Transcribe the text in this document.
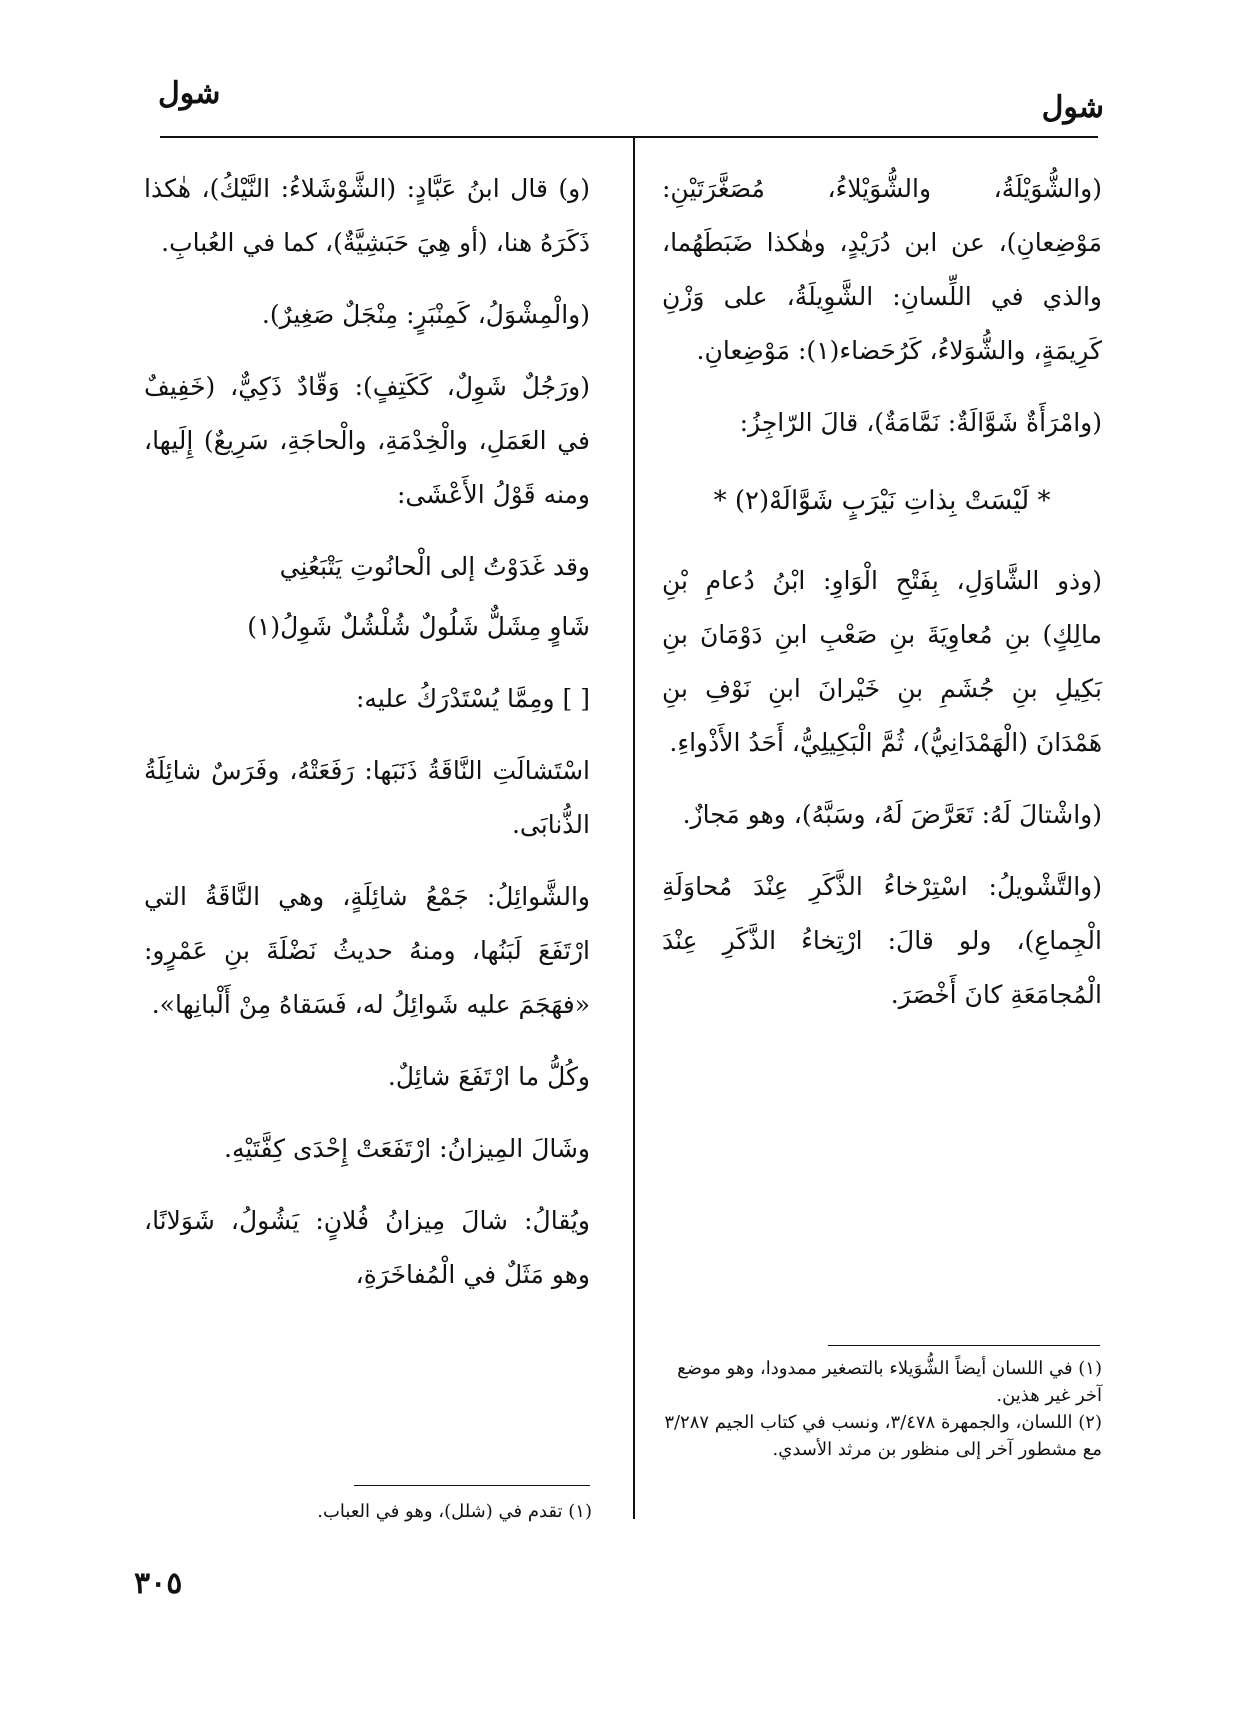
شول	شول

(والشُّوَيْلَةُ، والشُّوَيْلاءُ، مُصَغَّرَتَيْنِ: مَوْضِعانِ)، عن ابن دُرَيْدٍ، وهٰكذا ضَبَطَهُما، والذي في اللِّسانِ: الشَّوِيلَةُ، على وَزْنِ كَرِيمَةٍ، والشُّوَلاءُ، كَرُحَضاء(١): مَوْضِعانِ.

(وامْرَأَةٌ شَوَّالَةٌ: نَمَّامَةٌ)، قالَ الرّاجِزُ:

* لَيْسَتْ بِذاتِ نَيْرَبٍ شَوَّالَهْ(٢) *

(وذو الشَّاوَلِ، بِفَتْحِ الْوَاوِ: ابْنُ دُعامِ بْنِ مالِكٍ) بنِ مُعاوِيَةَ بنِ صَعْبِ ابنِ دَوْمَانَ بنِ بَكِيلِ بنِ جُشَمِ بنِ خَيْرانَ ابنِ نَوْفِ بنِ هَمْدَانَ (الْهَمْدَانِيُّ)، ثُمَّ الْبَكِيلِيُّ، أَحَدُ الأَذْواءِ.

(واشْتالَ لَهُ: تَعَرَّضَ لَهُ، وسَبَّهُ)، وهو مَجازٌ.

(والتَّشْويلُ: اسْتِرْخاءُ الذَّكَرِ عِنْدَ مُحاوَلَةِ الْجِماعِ)، ولو قالَ: ارْتِخاءُ الذَّكَرِ عِنْدَ الْمُجامَعَةِ كانَ أَخْصَرَ.

(و) قال ابنُ عَبَّادٍ: (الشَّوْشَلاءُ: النَّيْكُ)، هٰكذا ذَكَرَهُ هنا، (أو هِيَ حَبَشِيَّةٌ)، كما في العُبابِ.

(والْمِشْوَلُ، كَمِنْبَرٍ: مِنْجَلٌ صَغِيرٌ).

(ورَجُلٌ شَوِلٌ، كَكَتِفٍ): وَقّادٌ ذَكِيٌّ، (خَفِيفٌ في العَمَلِ، والْخِدْمَةِ، والْحاجَةِ، سَرِيعٌ) إِلَيها، ومنه قَوْلُ الأَعْشَى:

وقد غَدَوْتُ إلى الْحانُوتِ يَتْبَعُنِي

شَاوٍ مِشَلٌّ شَلُولٌ شُلْشُلٌ شَوِلُ(١)

[ ] ومِمَّا يُسْتَدْرَكُ عليه:

اسْتَشالَتِ النَّاقَةُ ذَنَبَها: رَفَعَتْهُ، وفَرَسٌ شائِلَةُ الذُّنابَى.

والشَّوائِلُ: جَمْعُ شائِلَةٍ، وهي النَّاقَةُ التي ارْتَفَعَ لَبَنُها، ومنهُ حديثُ نَضْلَةَ بنِ عَمْرٍو: «فهَجَمَ عليه شَوائِلُ له، فَسَقاهُ مِنْ أَلْبانِها».

وكُلُّ ما ارْتَفَعَ شائِلٌ.

وشَالَ المِيزانُ: ارْتَفَعَتْ إِحْدَى كِفَّتَيْهِ.

ويُقالُ: شالَ مِيزانُ فُلانٍ: يَشُولُ، شَوَلانًا، وهو مَثَلٌ في الْمُفاخَرَةِ،

(١) في اللسان أيضاً الشُّوَيلاء بالتصغير ممدودا، وهو موضع آخر غير هذين.
(٢) اللسان، والجمهرة ٣/٤٧٨، ونسب في كتاب الجيم ٣/٢٨٧ مع مشطور آخر إلى منظور بن مرثد الأسدي.
(١) تقدم في (شلل)، وهو في العباب.
٣٠٥
